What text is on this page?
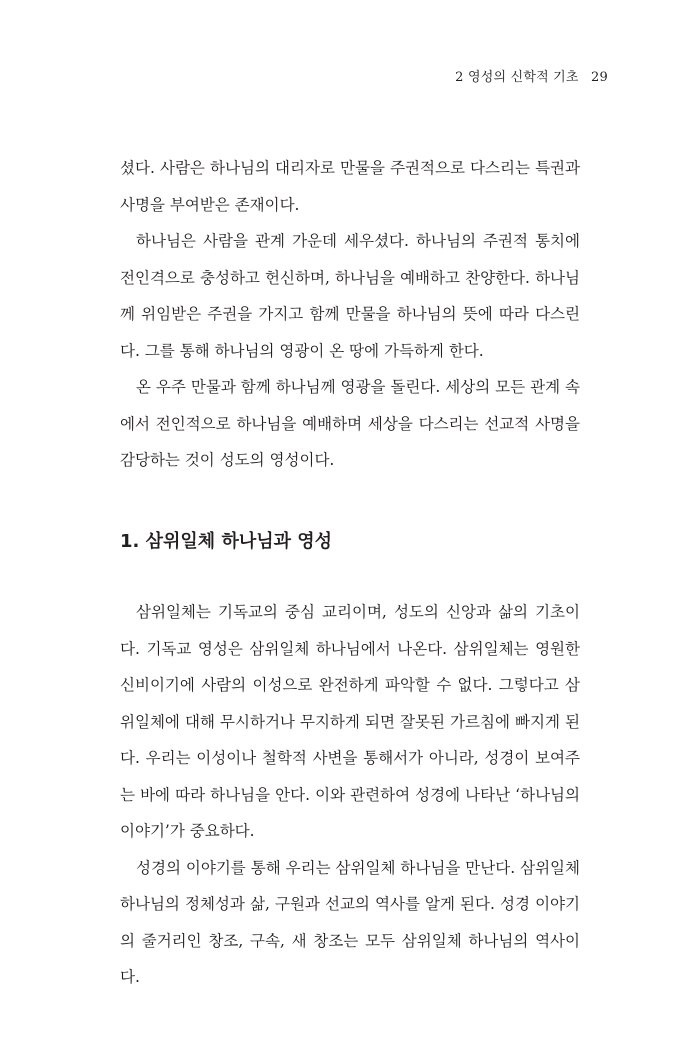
2 영성의 신학적 기초 29

셨다. 사람은 하나님의 대리자로 만물을 주권적으로 다스리는 특권과 사명을 부여받은 존재이다.

하나님은 사람을 관계 가운데 세우셨다. 하나님의 주권적 통치에 전인격으로 충성하고 헌신하며, 하나님을 예배하고 찬양한다. 하나님께 위임받은 주권을 가지고 함께 만물을 하나님의 뜻에 따라 다스린다. 그를 통해 하나님의 영광이 온 땅에 가득하게 한다.

온 우주 만물과 함께 하나님께 영광을 돌린다. 세상의 모든 관계 속에서 전인적으로 하나님을 예배하며 세상을 다스리는 선교적 사명을 감당하는 것이 성도의 영성이다.

1. 삼위일체 하나님과 영성

삼위일체는 기독교의 중심 교리이며, 성도의 신앙과 삶의 기초이다. 기독교 영성은 삼위일체 하나님에서 나온다. 삼위일체는 영원한 신비이기에 사람의 이성으로 완전하게 파악할 수 없다. 그렇다고 삼위일체에 대해 무시하거나 무지하게 되면 잘못된 가르침에 빠지게 된다. 우리는 이성이나 철학적 사변을 통해서가 아니라, 성경이 보여주는 바에 따라 하나님을 안다. 이와 관련하여 성경에 나타난 ‘하나님의 이야기’가 중요하다.

성경의 이야기를 통해 우리는 삼위일체 하나님을 만난다. 삼위일체 하나님의 정체성과 삶, 구원과 선교의 역사를 알게 된다. 성경 이야기의 줄거리인 창조, 구속, 새 창조는 모두 삼위일체 하나님의 역사이다.
